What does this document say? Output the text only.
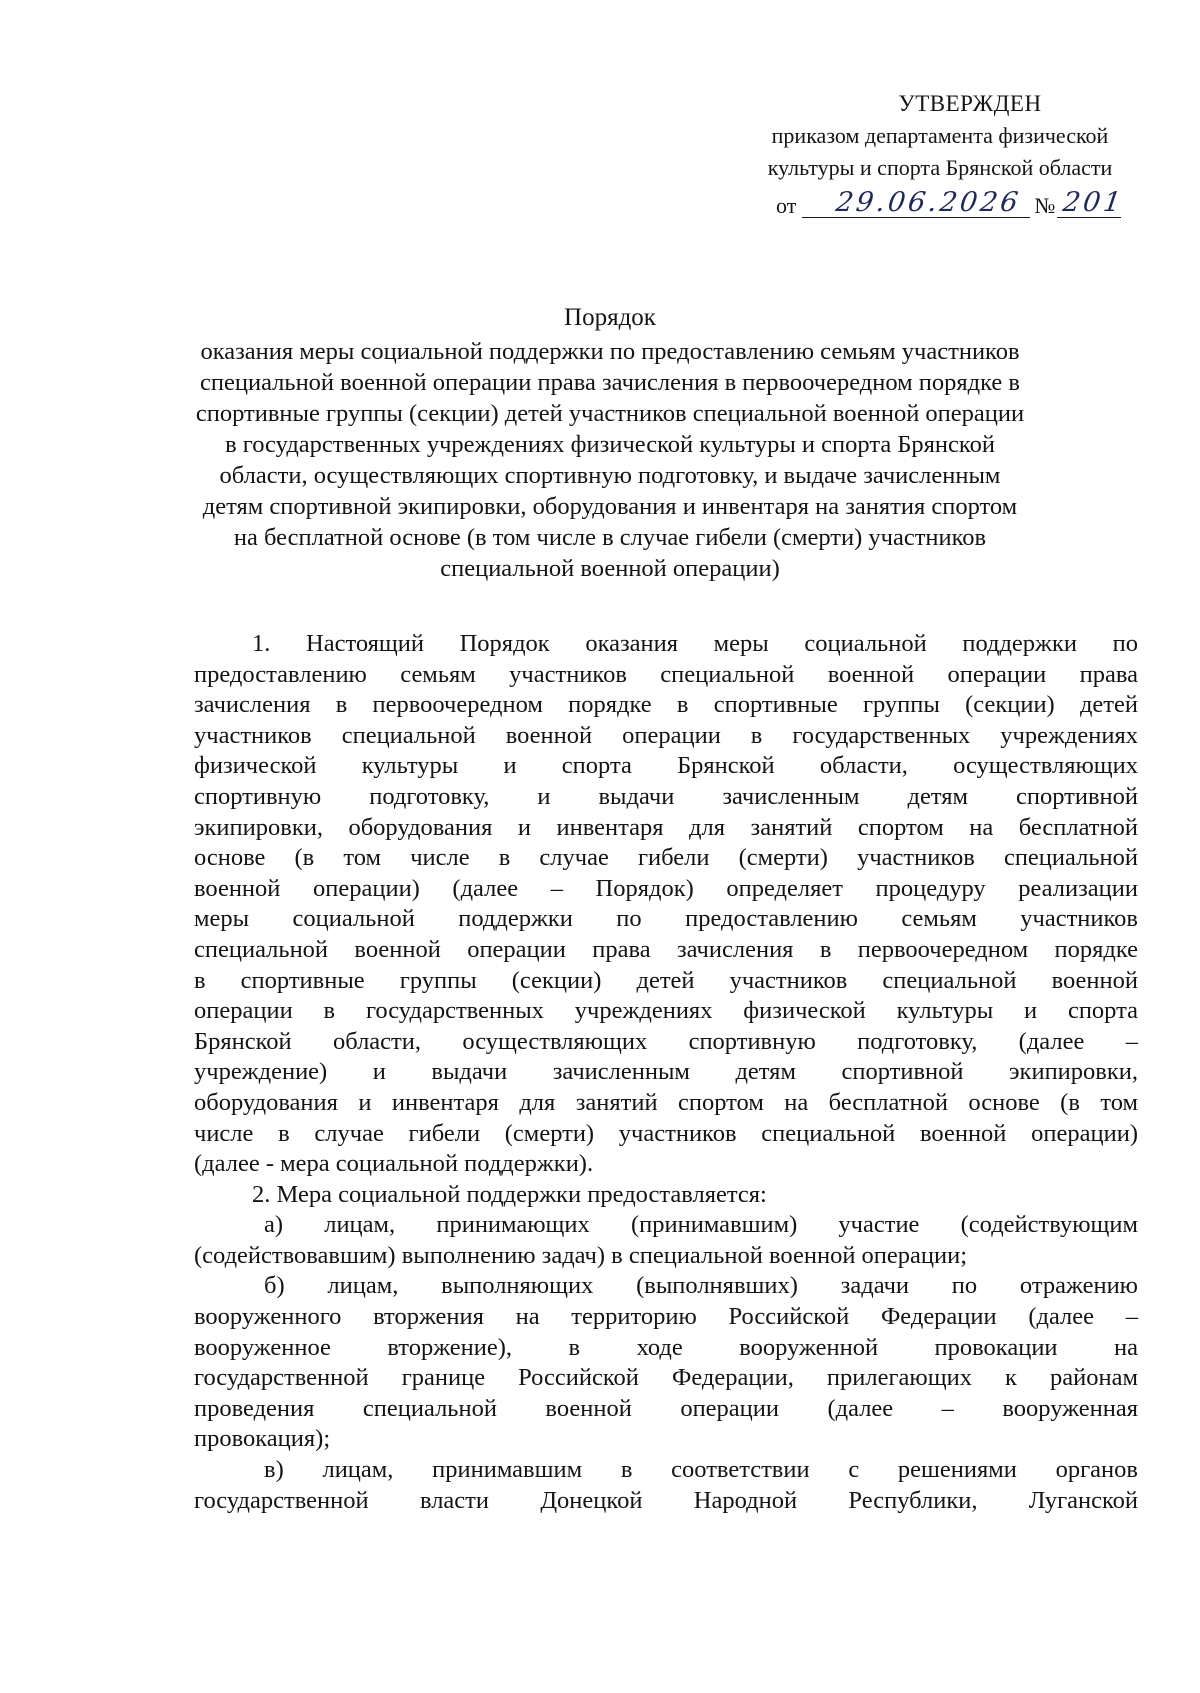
УТВЕРЖДЕН
приказом департамента физической
культуры и спорта Брянской области
от 29.06.2026 № 201
Порядок
оказания меры социальной поддержки по предоставлению семьям участников
специальной военной операции права зачисления в первоочередном порядке в
спортивные группы (секции) детей участников специальной военной операции
в государственных учреждениях физической культуры и спорта Брянской
области, осуществляющих спортивную подготовку, и выдаче зачисленным
детям спортивной экипировки, оборудования и инвентаря на занятия спортом
на бесплатной основе (в том числе в случае гибели (смерти) участников
специальной военной операции)

1. Настоящий Порядок оказания меры социальной поддержки по

предоставлению семьям участников специальной военной операции права

зачисления в первоочередном порядке в спортивные группы (секции) детей

участников специальной военной операции в государственных учреждениях

физической культуры и спорта Брянской области, осуществляющих

спортивную подготовку, и выдачи зачисленным детям спортивной

экипировки, оборудования и инвентаря для занятий спортом на бесплатной

основе (в том числе в случае гибели (смерти) участников специальной

военной операции) (далее – Порядок) определяет процедуру реализации

меры социальной поддержки по предоставлению семьям участников

специальной военной операции права зачисления в первоочередном порядке

в спортивные группы (секции) детей участников специальной военной

операции в государственных учреждениях физической культуры и спорта

Брянской области, осуществляющих спортивную подготовку, (далее –

учреждение) и выдачи зачисленным детям спортивной экипировки,

оборудования и инвентаря для занятий спортом на бесплатной основе (в том

числе в случае гибели (смерти) участников специальной военной операции)

(далее - мера социальной поддержки).

2. Мера социальной поддержки предоставляется:

а) лицам, принимающих (принимавшим) участие (содействующим

(содействовавшим) выполнению задач) в специальной военной операции;

б) лицам, выполняющих (выполнявших) задачи по отражению

вооруженного вторжения на территорию Российской Федерации (далее –

вооруженное вторжение), в ходе вооруженной провокации на

государственной границе Российской Федерации, прилегающих к районам

проведения специальной военной операции (далее – вооруженная

провокация);

в) лицам, принимавшим в соответствии с решениями органов

государственной власти Донецкой Народной Республики, Луганской
